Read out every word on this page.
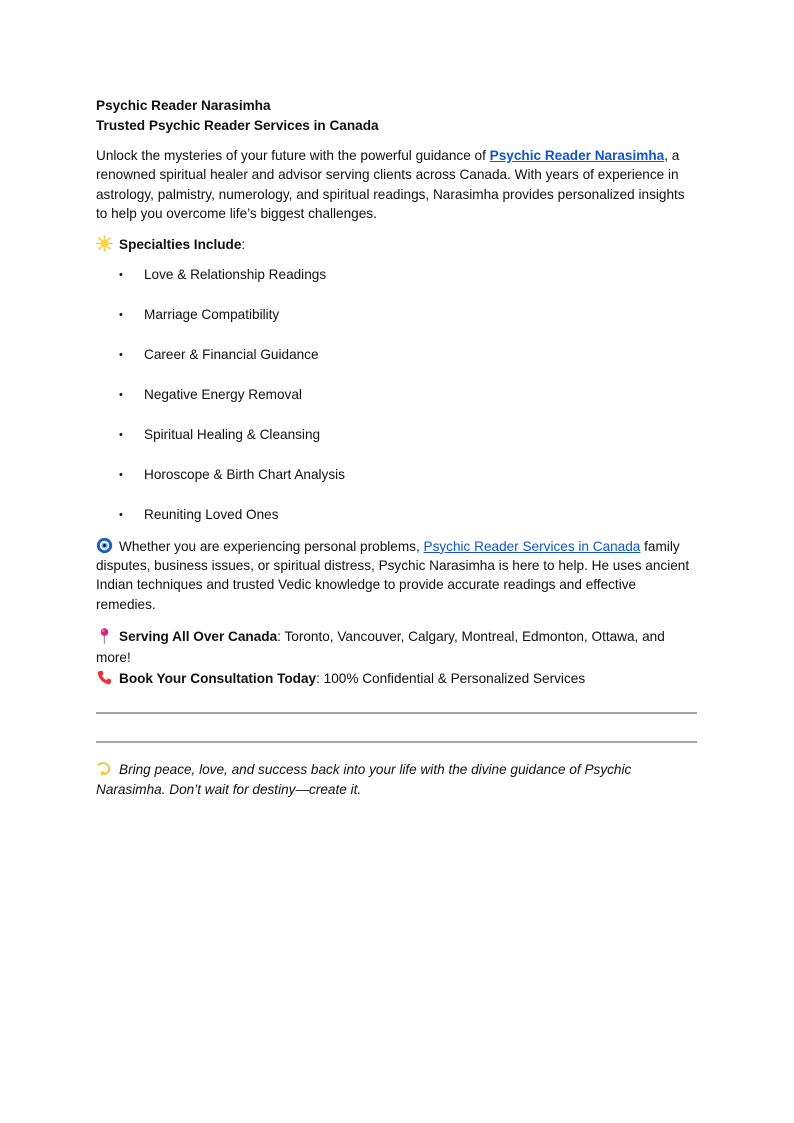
Psychic Reader Narasimha

Trusted Psychic Reader Services in Canada

Unlock the mysteries of your future with the powerful guidance of Psychic Reader Narasimha, a renowned spiritual healer and advisor serving clients across Canada. With years of experience in astrology, palmistry, numerology, and spiritual readings, Narasimha provides personalized insights to help you overcome life’s biggest challenges.

Specialties Include:

• Love & Relationship Readings
• Marriage Compatibility
• Career & Financial Guidance
• Negative Energy Removal
• Spiritual Healing & Cleansing
• Horoscope & Birth Chart Analysis
• Reuniting Loved Ones

Whether you are experiencing personal problems, Psychic Reader Services in Canada family disputes, business issues, or spiritual distress, Psychic Narasimha is here to help. He uses ancient Indian techniques and trusted Vedic knowledge to provide accurate readings and effective remedies.

Serving All Over Canada: Toronto, Vancouver, Calgary, Montreal, Edmonton, Ottawa, and more!

Book Your Consultation Today: 100% Confidential & Personalized Services

Bring peace, love, and success back into your life with the divine guidance of Psychic Narasimha. Don’t wait for destiny—create it.
